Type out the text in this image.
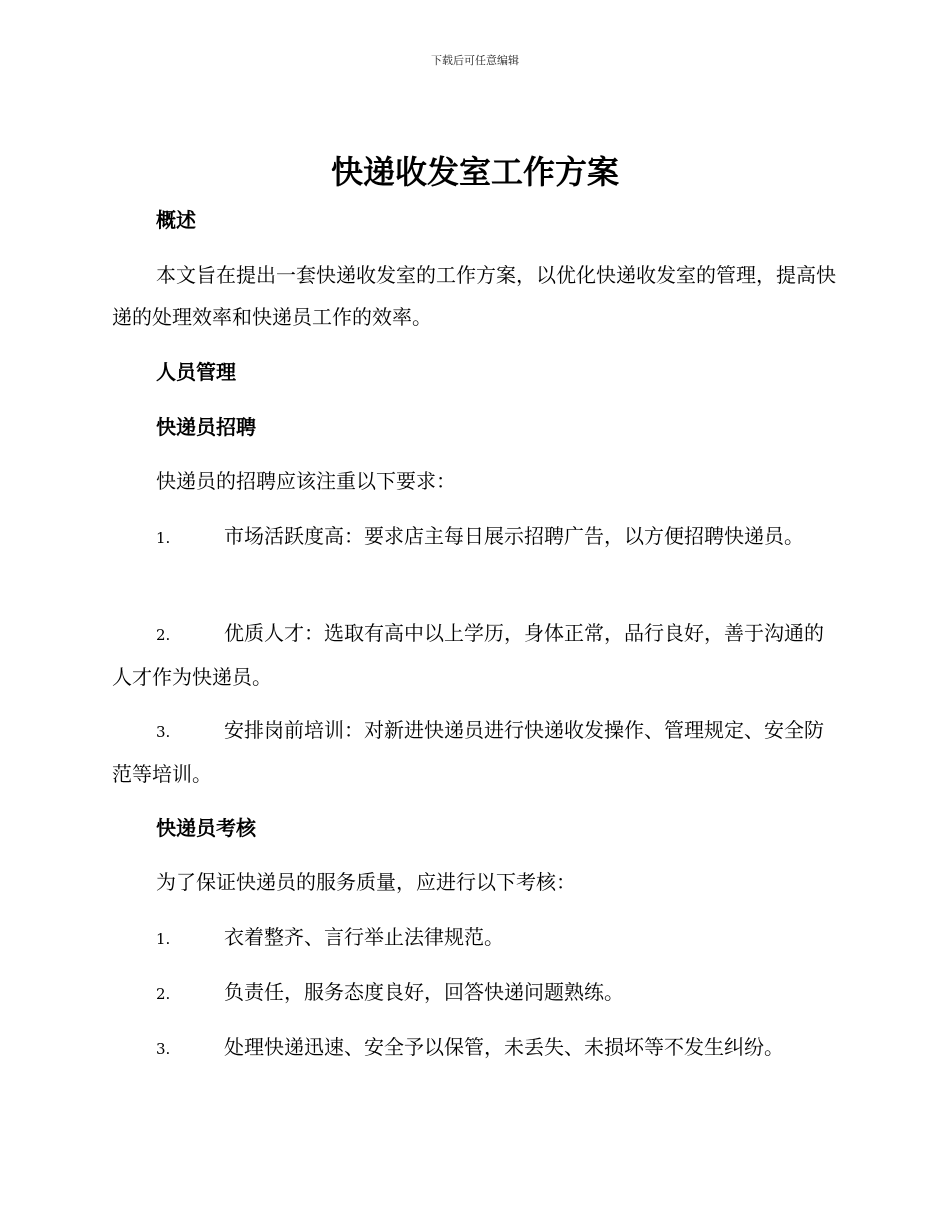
下载后可任意编辑
快递收发室工作方案
概述

本文旨在提出一套快递收发室的工作方案，以优化快递收发室的管理，提高快递的处理效率和快递员工作的效率。

人员管理
快递员招聘

快递员的招聘应该注重以下要求：

1.	市场活跃度高：要求店主每日展示招聘广告，以方便招聘快递员。

2.	优质人才：选取有高中以上学历，身体正常，品行良好，善于沟通的人才作为快递员。

3.	安排岗前培训：对新进快递员进行快递收发操作、管理规定、安全防范等培训。

快递员考核

为了保证快递员的服务质量，应进行以下考核：

1.	衣着整齐、言行举止法律规范。

2.	负责任，服务态度良好，回答快递问题熟练。

3.	处理快递迅速、安全予以保管，未丢失、未损坏等不发生纠纷。
